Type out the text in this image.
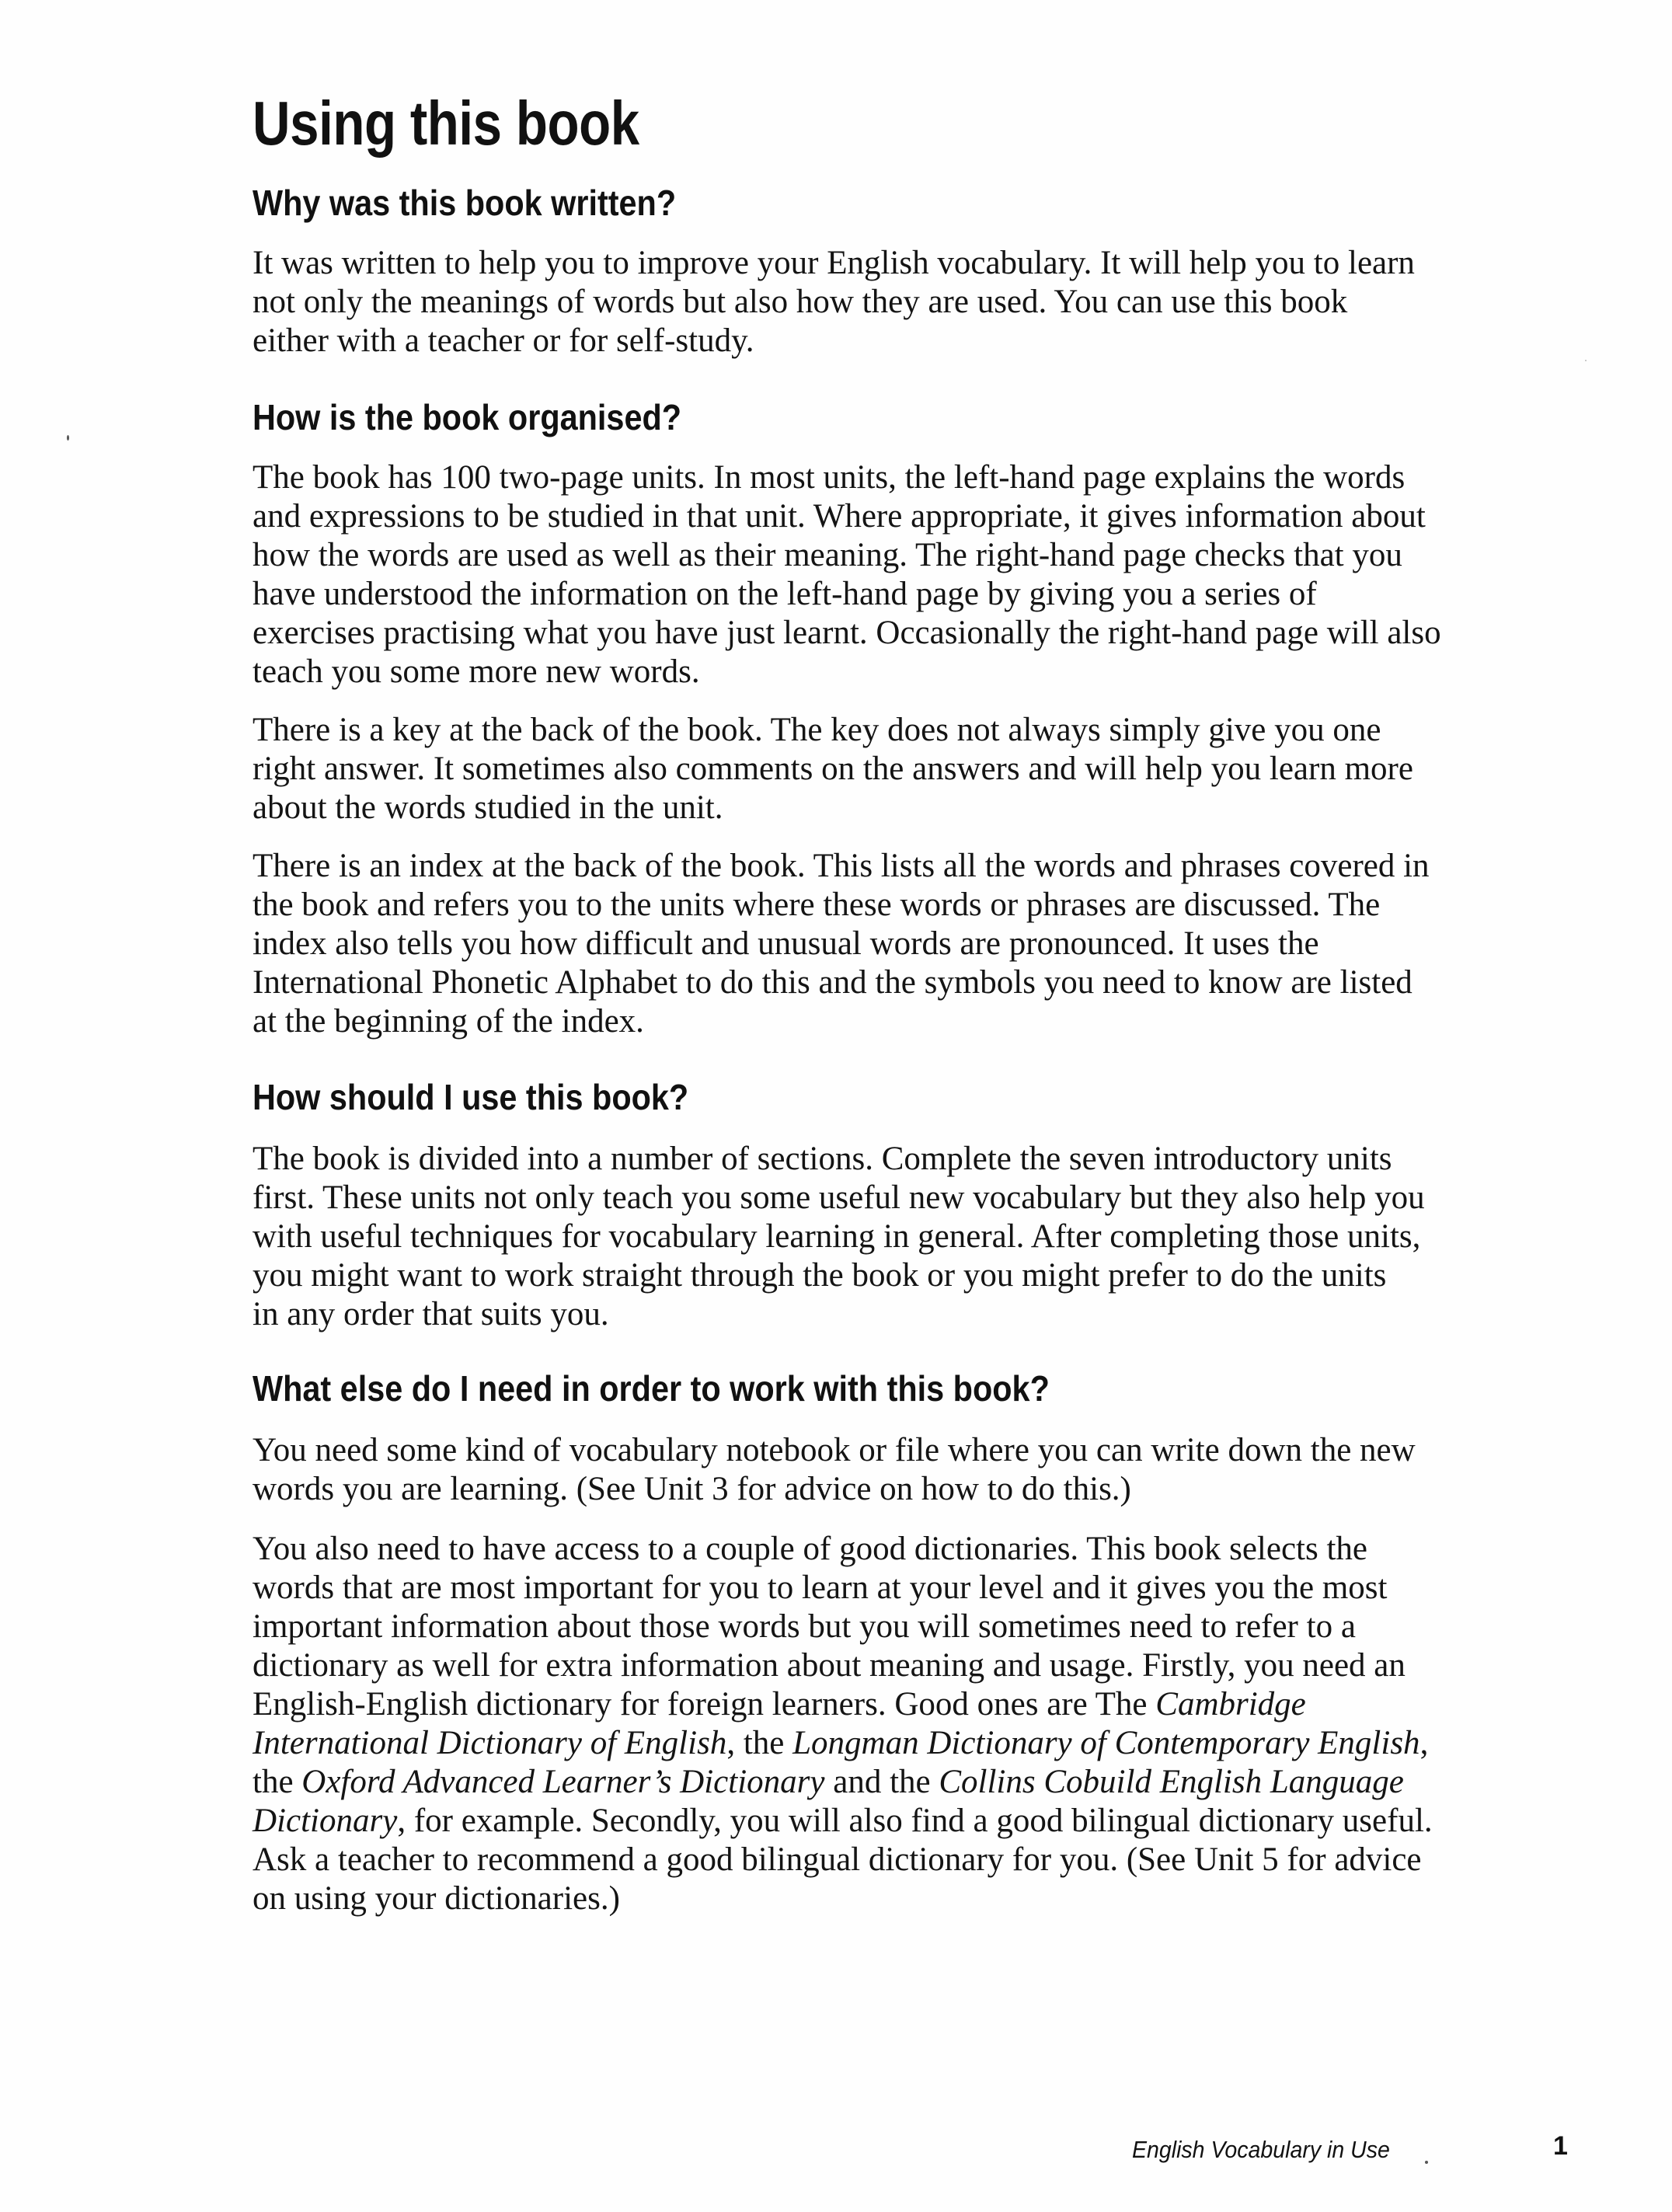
Using this book
Why was this book written?
It was written to help you to improve your English vocabulary. It will help you to learn
not only the meanings of words but also how they are used. You can use this book
either with a teacher or for self-study.
How is the book organised?
The book has 100 two-page units. In most units, the left-hand page explains the words
and expressions to be studied in that unit. Where appropriate, it gives information about
how the words are used as well as their meaning. The right-hand page checks that you
have understood the information on the left-hand page by giving you a series of
exercises practising what you have just learnt. Occasionally the right-hand page will also
teach you some more new words.
There is a key at the back of the book. The key does not always simply give you one
right answer. It sometimes also comments on the answers and will help you learn more
about the words studied in the unit.
There is an index at the back of the book. This lists all the words and phrases covered in
the book and refers you to the units where these words or phrases are discussed. The
index also tells you how difficult and unusual words are pronounced. It uses the
International Phonetic Alphabet to do this and the symbols you need to know are listed
at the beginning of the index.
How should I use this book?
The book is divided into a number of sections. Complete the seven introductory units
first. These units not only teach you some useful new vocabulary but they also help you
with useful techniques for vocabulary learning in general. After completing those units,
you might want to work straight through the book or you might prefer to do the units
in any order that suits you.
What else do I need in order to work with this book?
You need some kind of vocabulary notebook or file where you can write down the new
words you are learning. (See Unit 3 for advice on how to do this.)
You also need to have access to a couple of good dictionaries. This book selects the
words that are most important for you to learn at your level and it gives you the most
important information about those words but you will sometimes need to refer to a
dictionary as well for extra information about meaning and usage. Firstly, you need an
English-English dictionary for foreign learners. Good ones are The Cambridge
International Dictionary of English, the Longman Dictionary of Contemporary English,
the Oxford Advanced Learner’s Dictionary and the Collins Cobuild English Language
Dictionary, for example. Secondly, you will also find a good bilingual dictionary useful.
Ask a teacher to recommend a good bilingual dictionary for you. (See Unit 5 for advice
on using your dictionaries.)
English Vocabulary in Use	1
